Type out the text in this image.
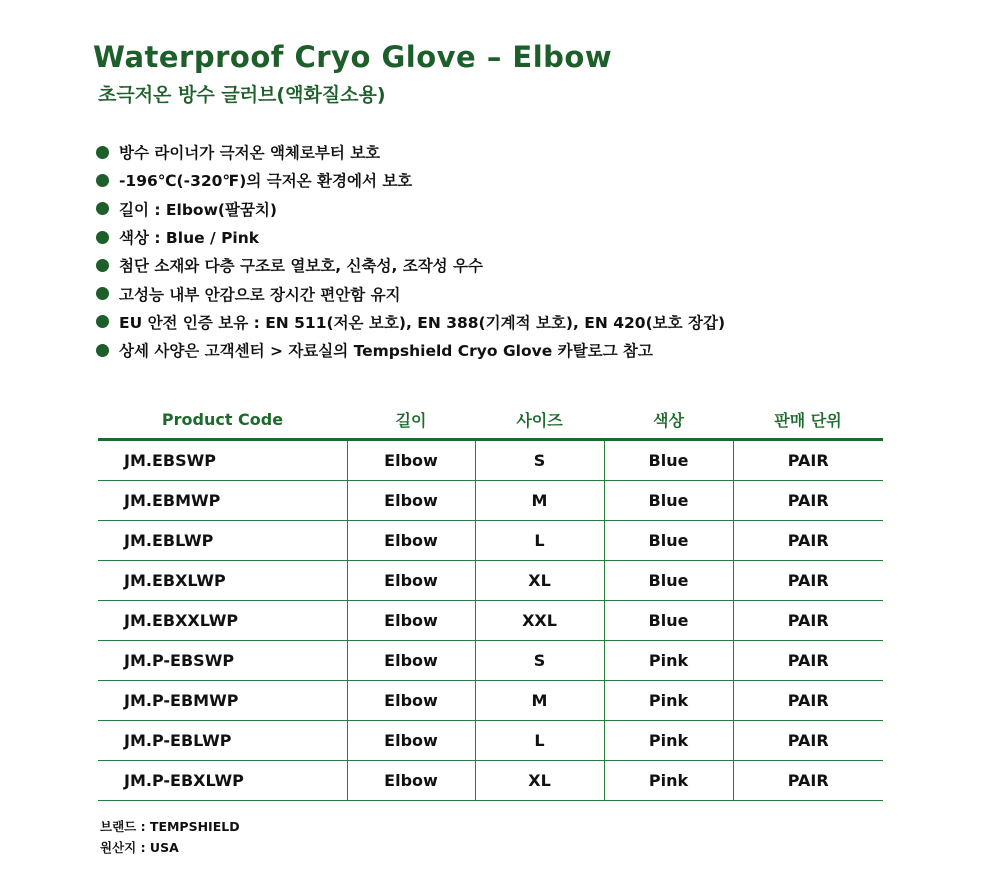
Waterproof Cryo Glove – Elbow
초극저온 방수 글러브(액화질소용)
방수 라이너가 극저온 액체로부터 보호
-196℃(-320℉)의 극저온 환경에서 보호
길이 : Elbow(팔꿈치)
색상 : Blue / Pink
첨단 소재와 다층 구조로 열보호, 신축성, 조작성 우수
고성능 내부 안감으로 장시간 편안함 유지
EU 안전 인증 보유 : EN 511(저온 보호), EN 388(기계적 보호), EN 420(보호 장갑)
상세 사양은 고객센터 > 자료실의 Tempshield Cryo Glove 카탈로그 참고
Product Code	길이	사이즈	색상	판매 단위
JM.EBSWP	Elbow	S	Blue	PAIR
JM.EBMWP	Elbow	M	Blue	PAIR
JM.EBLWP	Elbow	L	Blue	PAIR
JM.EBXLWP	Elbow	XL	Blue	PAIR
JM.EBXXLWP	Elbow	XXL	Blue	PAIR
JM.P-EBSWP	Elbow	S	Pink	PAIR
JM.P-EBMWP	Elbow	M	Pink	PAIR
JM.P-EBLWP	Elbow	L	Pink	PAIR
JM.P-EBXLWP	Elbow	XL	Pink	PAIR
브랜드 : TEMPSHIELD
원산지 : USA
